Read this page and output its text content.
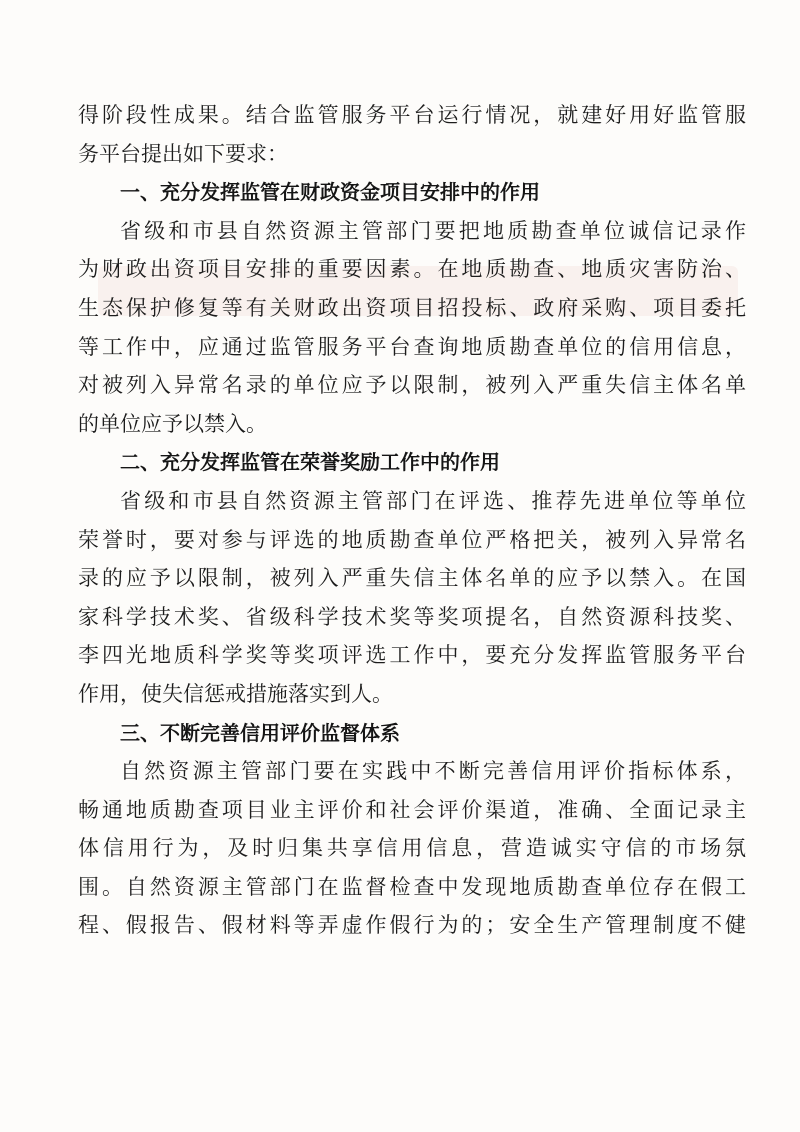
得阶段性成果。结合监管服务平台运行情况，就建好用好监管服
务平台提出如下要求：
一、充分发挥监管在财政资金项目安排中的作用
省级和市县自然资源主管部门要把地质勘查单位诚信记录作
为财政出资项目安排的重要因素。在地质勘查、地质灾害防治、
生态保护修复等有关财政出资项目招投标、政府采购、项目委托
等工作中，应通过监管服务平台查询地质勘查单位的信用信息，
对被列入异常名录的单位应予以限制，被列入严重失信主体名单
的单位应予以禁入。
二、充分发挥监管在荣誉奖励工作中的作用
省级和市县自然资源主管部门在评选、推荐先进单位等单位
荣誉时，要对参与评选的地质勘查单位严格把关，被列入异常名
录的应予以限制，被列入严重失信主体名单的应予以禁入。在国
家科学技术奖、省级科学技术奖等奖项提名，自然资源科技奖、
李四光地质科学奖等奖项评选工作中，要充分发挥监管服务平台
作用，使失信惩戒措施落实到人。
三、不断完善信用评价监督体系
自然资源主管部门要在实践中不断完善信用评价指标体系，
畅通地质勘查项目业主评价和社会评价渠道，准确、全面记录主
体信用行为，及时归集共享信用信息，营造诚实守信的市场氛
围。自然资源主管部门在监督检查中发现地质勘查单位存在假工
程、假报告、假材料等弄虚作假行为的；安全生产管理制度不健
